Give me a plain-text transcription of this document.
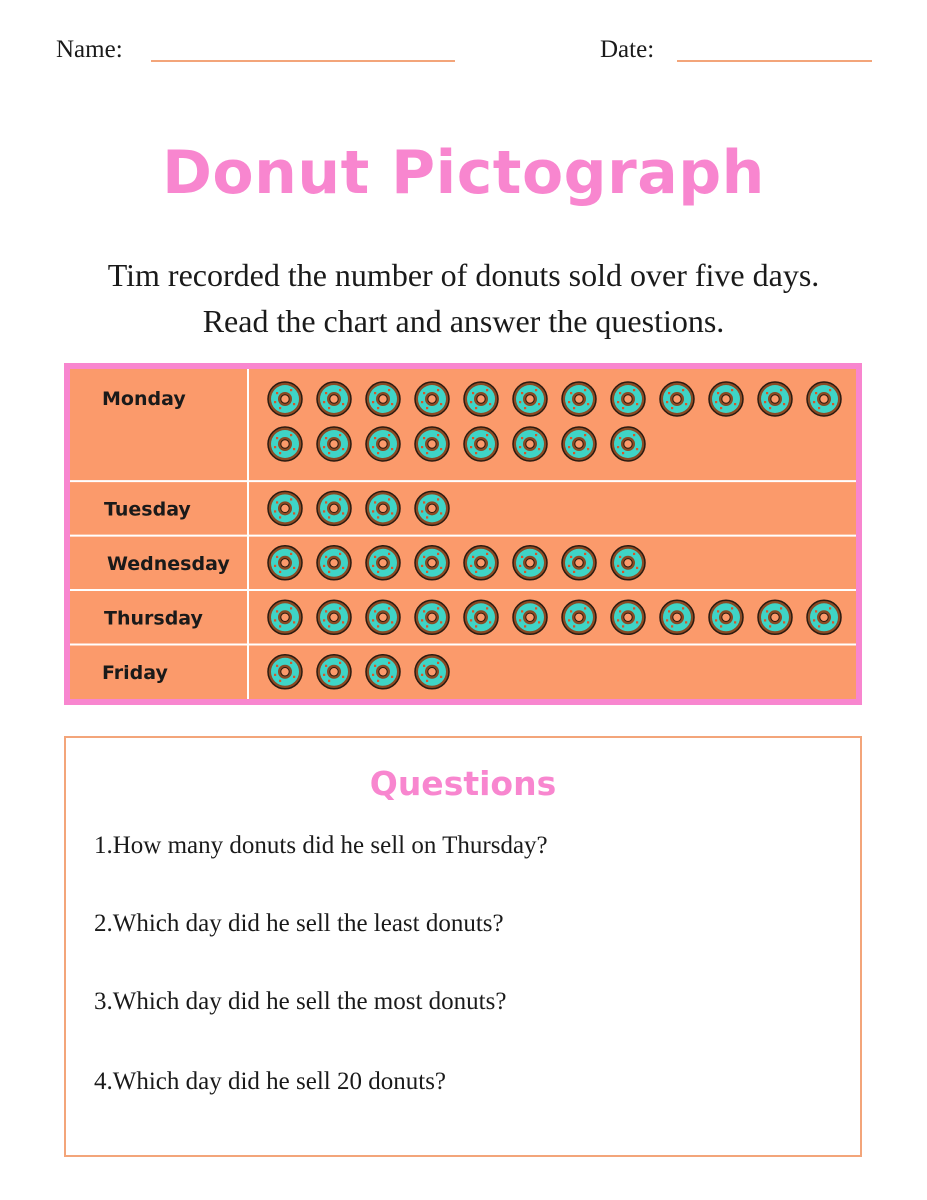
Name:	Date:
Donut Pictograph
Tim recorded the number of donuts sold over five days.
Read the chart and answer the questions.
Monday
Tuesday
Wednesday
Thursday
Friday
Questions
1.How many donuts did he sell on Thursday?
2.Which day did he sell the least donuts?
3.Which day did he sell the most donuts?
4.Which day did he sell 20 donuts?
